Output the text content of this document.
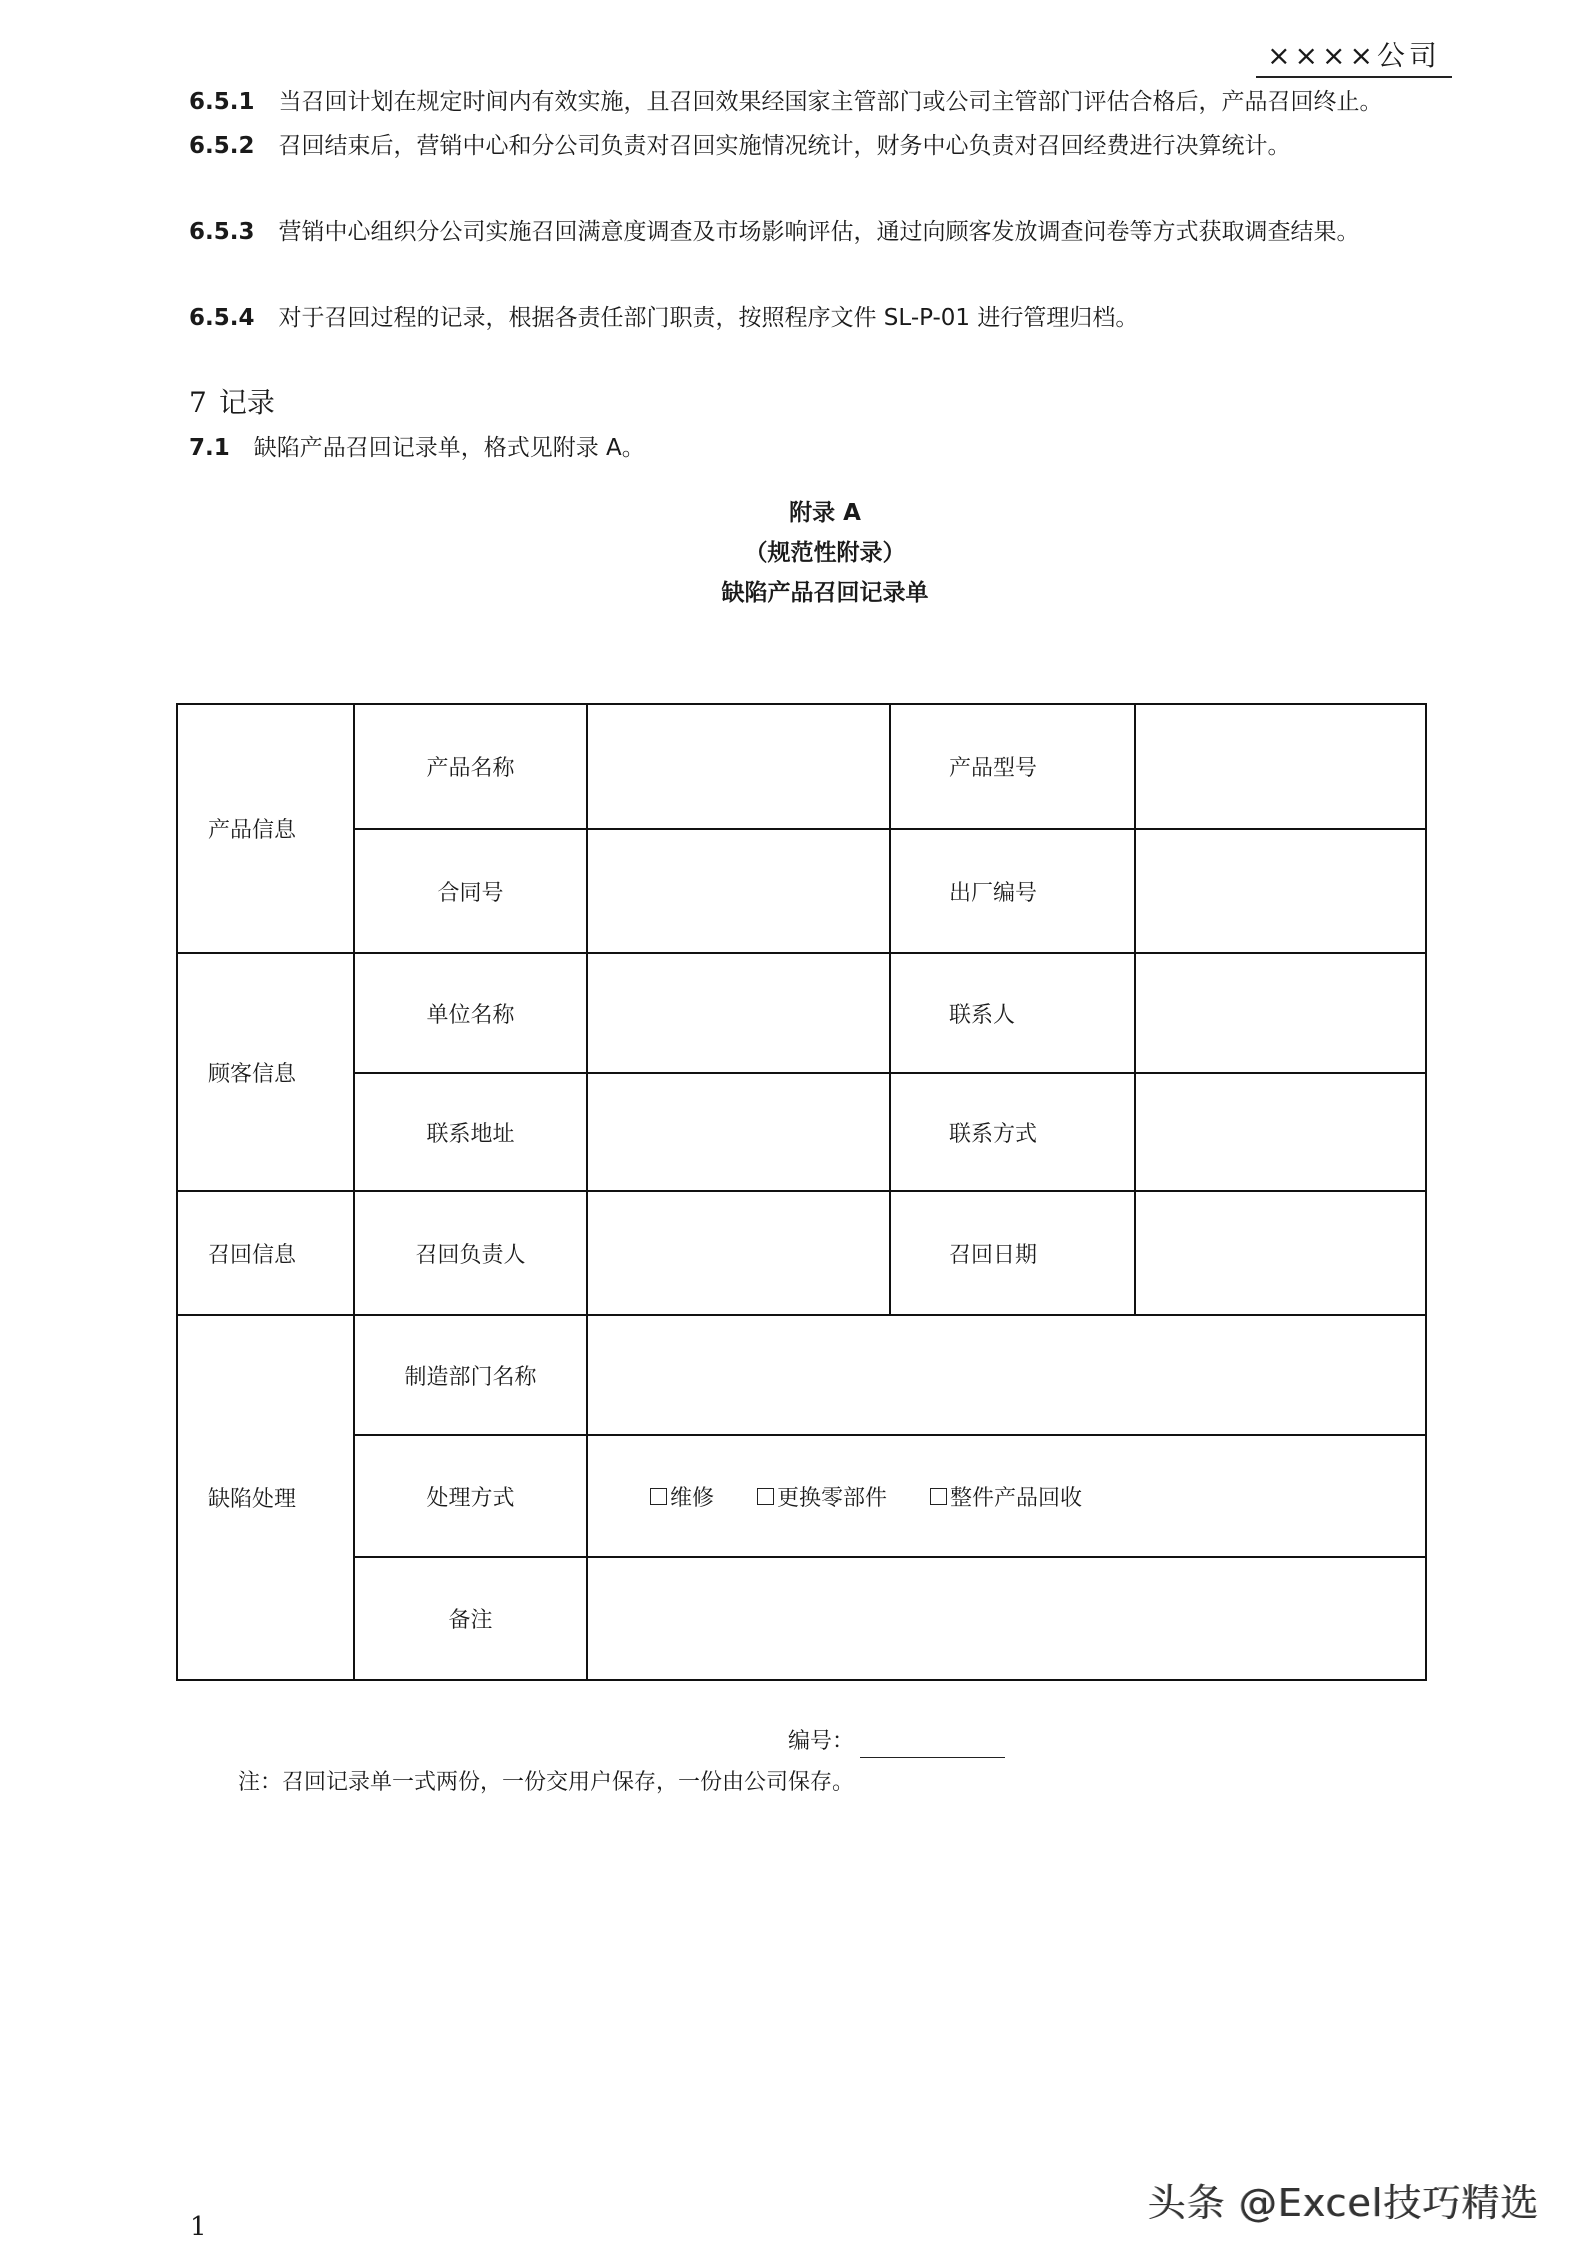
××××公司
6.5.1 当召回计划在规定时间内有效实施，且召回效果经国家主管部门或公司主管部门评估合格后，产品召回终止。
6.5.2 召回结束后，营销中心和分公司负责对召回实施情况统计，财务中心负责对召回经费进行决算统计。
6.5.3 营销中心组织分公司实施召回满意度调查及市场影响评估，通过向顾客发放调查问卷等方式获取调查结果。
6.5.4 对于召回过程的记录，根据各责任部门职责，按照程序文件 SL-P-01 进行管理归档。
7 记录
7.1 缺陷产品召回记录单，格式见附录 A。
附录 A
（规范性附录）
缺陷产品召回记录单
产品信息	产品名称		产品型号	
	合同号		出厂编号	
顾客信息	单位名称		联系人	
	联系地址		联系方式	
召回信息	召回负责人		召回日期	
缺陷处理	制造部门名称			
	处理方式	维修 更换零部件 整件产品回收		
	备注			
编号：
注：召回记录单一式两份，一份交用户保存，一份由公司保存。
1
头条 @Excel技巧精选
